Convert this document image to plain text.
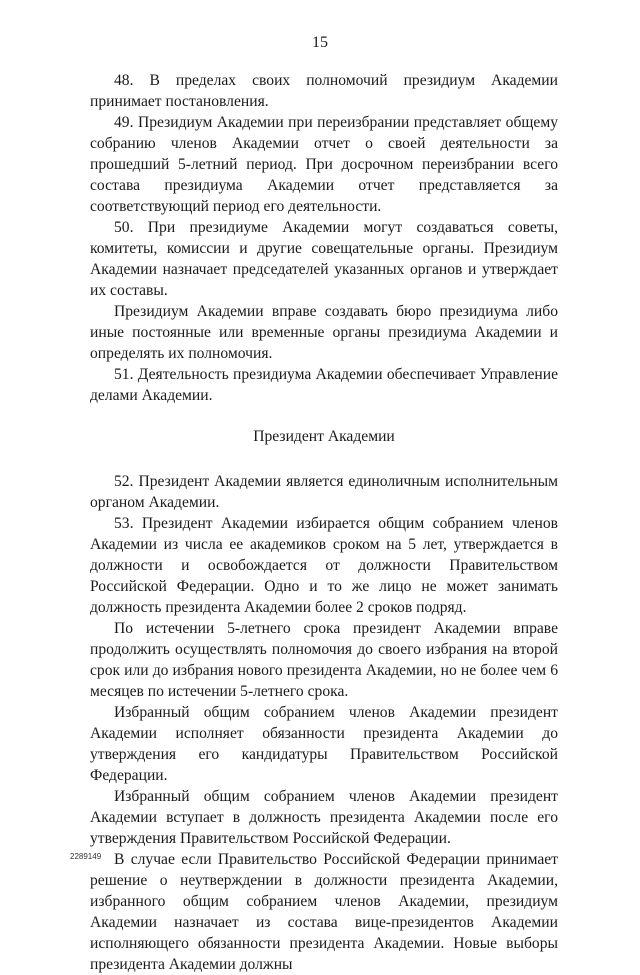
15

48. В пределах своих полномочий президиум Академии принимает постановления.

49. Президиум Академии при переизбрании представляет общему собранию членов Академии отчет о своей деятельности за прошедший 5-летний период. При досрочном переизбрании всего состава президиума Академии отчет представляется за соответствующий период его деятельности.

50. При президиуме Академии могут создаваться советы, комитеты, комиссии и другие совещательные органы. Президиум Академии назначает председателей указанных органов и утверждает их составы.

Президиум Академии вправе создавать бюро президиума либо иные постоянные или временные органы президиума Академии и определять их полномочия.

51. Деятельность президиума Академии обеспечивает Управление делами Академии.

Президент Академии

52. Президент Академии является единоличным исполнительным органом Академии.

53. Президент Академии избирается общим собранием членов Академии из числа ее академиков сроком на 5 лет, утверждается в должности и освобождается от должности Правительством Российской Федерации. Одно и то же лицо не может занимать должность президента Академии более 2 сроков подряд.

По истечении 5-летнего срока президент Академии вправе продолжить осуществлять полномочия до своего избрания на второй срок или до избрания нового президента Академии, но не более чем 6 месяцев по истечении 5-летнего срока.

Избранный общим собранием членов Академии президент Академии исполняет обязанности президента Академии до утверждения его кандидатуры Правительством Российской Федерации.

Избранный общим собранием членов Академии президент Академии вступает в должность президента Академии после его утверждения Правительством Российской Федерации.

В случае если Правительство Российской Федерации принимает решение о неутверждении в должности президента Академии, избранного общим собранием членов Академии, президиум Академии назначает из состава вице-президентов Академии исполняющего обязанности президента Академии. Новые выборы президента Академии должны

2289149
